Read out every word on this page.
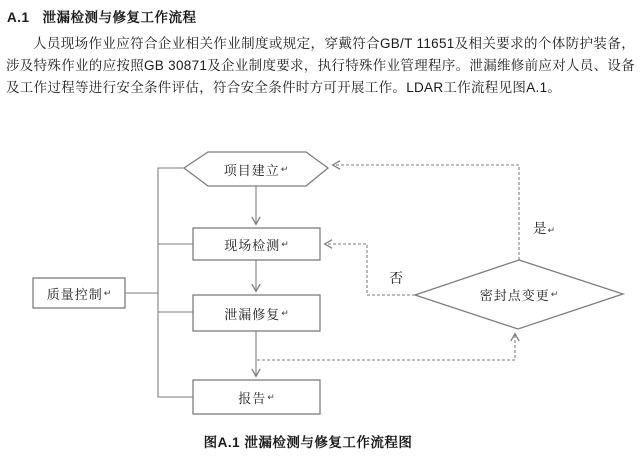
A.1 泄漏检测与修复工作流程

人员现场作业应符合企业相关作业制度或规定，穿戴符合GB/T 11651及相关要求的个体防护装备，涉及特殊作业的应按照GB 30871及企业制度要求，执行特殊作业管理程序。泄漏维修前应对人员、设备及工作过程等进行安全条件评估，符合安全条件时方可开展工作。LDAR工作流程见图A.1。

项目建立 ↵
现场检测 ↵
泄漏修复 ↵
报告 ↵
质量控制 ↵	密封点变更 ↵
是↵
否
图A.1 泄漏检测与修复工作流程图
